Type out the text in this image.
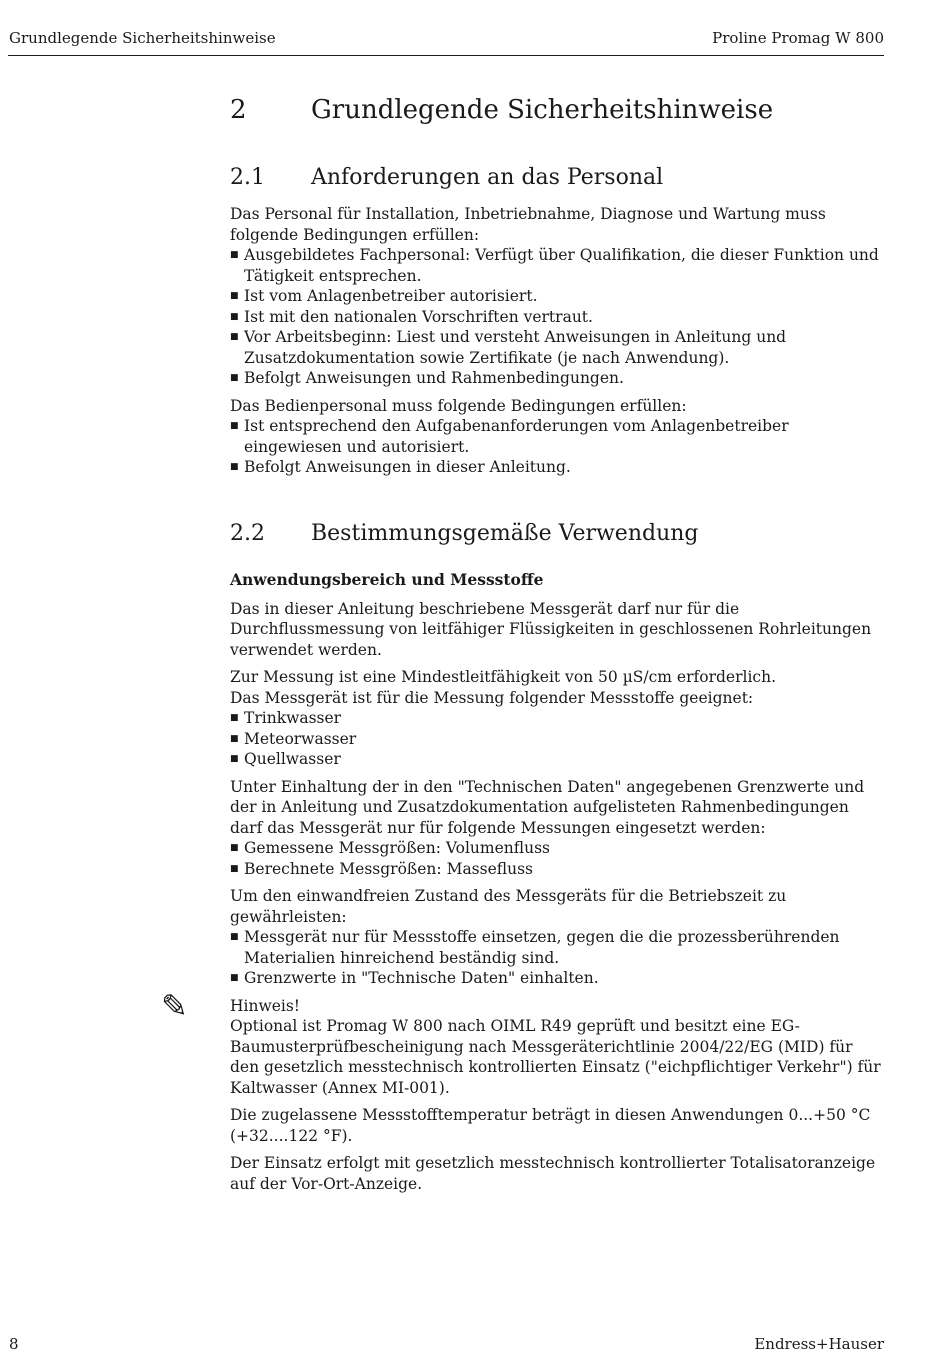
Grundlegende Sicherheitshinweise	Proline Promag W 800
2 Grundlegende Sicherheitshinweise
2.1 Anforderungen an das Personal

Das Personal für Installation, Inbetriebnahme, Diagnose und Wartung muss folgende Bedingungen erfüllen:

■ Ausgebildetes Fachpersonal: Verfügt über Qualifikation, die dieser Funktion und Tätigkeit entsprechen.
■ Ist vom Anlagenbetreiber autorisiert.
■ Ist mit den nationalen Vorschriften vertraut.
■ Vor Arbeitsbeginn: Liest und versteht Anweisungen in Anleitung und Zusatzdokumentation sowie Zertifikate (je nach Anwendung).
■ Befolgt Anweisungen und Rahmenbedingungen.

Das Bedienpersonal muss folgende Bedingungen erfüllen:

■ Ist entsprechend den Aufgabenanforderungen vom Anlagenbetreiber eingewiesen und autorisiert.
■ Befolgt Anweisungen in dieser Anleitung.
2.2 Bestimmungsgemäße Verwendung
Anwendungsbereich und Messstoffe

Das in dieser Anleitung beschriebene Messgerät darf nur für die Durchflussmessung von leitfähiger Flüssigkeiten in geschlossenen Rohrleitungen verwendet werden.

Zur Messung ist eine Mindestleitfähigkeit von 50 µS/cm erforderlich.

Das Messgerät ist für die Messung folgender Messstoffe geeignet:

■ Trinkwasser
■ Meteorwasser
■ Quellwasser

Unter Einhaltung der in den "Technischen Daten" angegebenen Grenzwerte und der in Anleitung und Zusatzdokumentation aufgelisteten Rahmenbedingungen darf das Messgerät nur für folgende Messungen eingesetzt werden:

■ Gemessene Messgrößen: Volumenfluss
■ Berechnete Messgrößen: Massefluss

Um den einwandfreien Zustand des Messgeräts für die Betriebszeit zu gewährleisten:

■ Messgerät nur für Messstoffe einsetzen, gegen die die prozessberührenden Materialien hinreichend beständig sind.
■ Grenzwerte in "Technische Daten" einhalten.
✎	Hinweis!

Optional ist Promag W 800 nach OIML R49 geprüft und besitzt eine EG-Baumusterprüfbescheinigung nach Messgeräterichtlinie 2004/22/EG (MID) für den gesetzlich messtechnisch kontrollierten Einsatz ("eichpflichtiger Verkehr") für Kaltwasser (Annex MI-001).

Die zugelassene Messstofftemperatur beträgt in diesen Anwendungen 0...+50 °C (+32....122 °F).

Der Einsatz erfolgt mit gesetzlich messtechnisch kontrollierter Totalisatoranzeige auf der Vor-Ort-Anzeige.

8	Endress+Hauser
